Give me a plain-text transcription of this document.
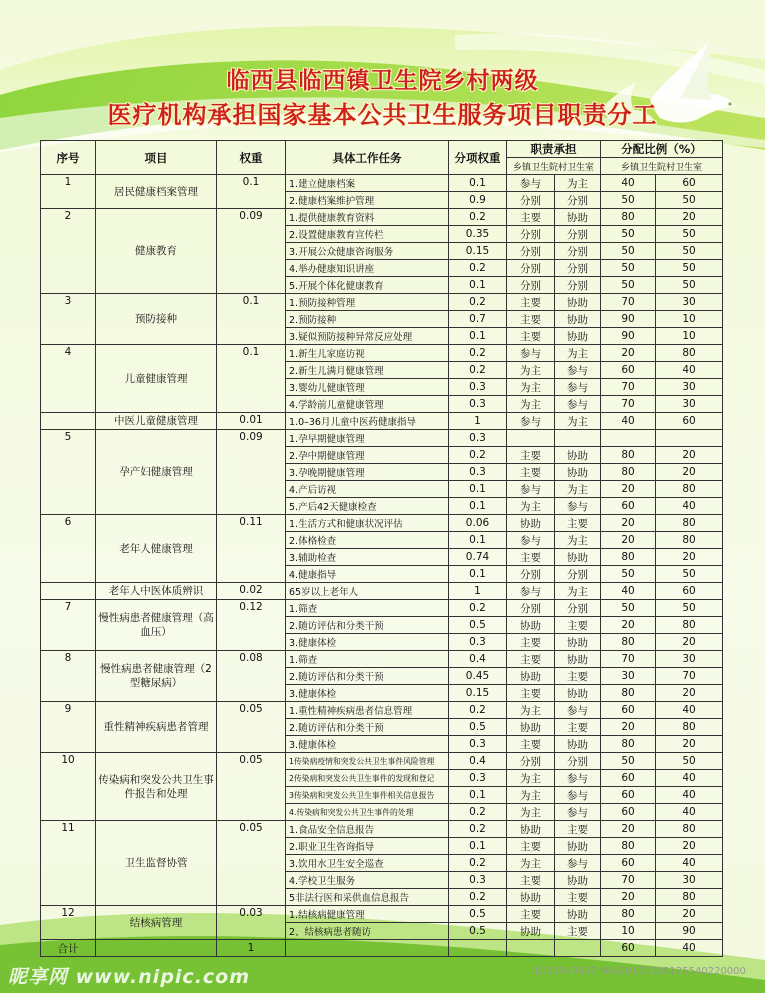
临西县临西镇卫生院乡村两级
医疗机构承担国家基本公共卫生服务项目职责分工
序号	项目	权重	具体工作任务	分项权重	职责承担		分配比例（%）	
					乡镇卫生院村卫生室		乡镇卫生院村卫生室	
1	居民健康档案管理	0.1	1.建立健康档案	0.1	参与	为主	40	60
			2.健康档案维护管理	0.9	分别	分别	50	50
2	健康教育	0.09	1.提供健康教育资料	0.2	主要	协助	80	20
			2.设置健康教育宣传栏	0.35	分别	分别	50	50
			3.开展公众健康咨询服务	0.15	分别	分别	50	50
			4.举办健康知识讲座	0.2	分别	分别	50	50
			5.开展个体化健康教育	0.1	分别	分别	50	50
3	预防接种	0.1	1.预防接种管理	0.2	主要	协助	70	30
			2.预防接种	0.7	主要	协助	90	10
			3.疑似预防接种异常反应处理	0.1	主要	协助	90	10
4	儿童健康管理	0.1	1.新生儿家庭访视	0.2	参与	为主	20	80
			2.新生儿满月健康管理	0.2	为主	参与	60	40
			3.婴幼儿健康管理	0.3	为主	参与	70	30
			4.学龄前儿童健康管理	0.3	为主	参与	70	30
	中医儿童健康管理	0.01	1.0–36月儿童中医药健康指导	1	参与	为主	40	60
5	孕产妇健康管理	0.09	1.孕早期健康管理	0.3				
			2.孕中期健康管理	0.2	主要	协助	80	20
			3.孕晚期健康管理	0.3	主要	协助	80	20
			4.产后访视	0.1	参与	为主	20	80
			5.产后42天健康检查	0.1	为主	参与	60	40
6	老年人健康管理	0.11	1.生活方式和健康状况评估	0.06	协助	主要	20	80
			2.体格检查	0.1	参与	为主	20	80
			3.辅助检查	0.74	主要	协助	80	20
			4.健康指导	0.1	分别	分别	50	50
	老年人中医体质辨识	0.02	65岁以上老年人	1	参与	为主	40	60
7	慢性病患者健康管理（高血压）	0.12	1.筛查	0.2	分别	分别	50	50
			2.随访评估和分类干预	0.5	协助	主要	20	80
			3.健康体检	0.3	主要	协助	80	20
8	慢性病患者健康管理（2型糖尿病）	0.08	1.筛查	0.4	主要	协助	70	30
			2.随访评估和分类干预	0.45	协助	主要	30	70
			3.健康体检	0.15	主要	协助	80	20
9	重性精神疾病患者管理	0.05	1.重性精神疾病患者信息管理	0.2	为主	参与	60	40
			2.随访评估和分类干预	0.5	协助	主要	20	80
			3.健康体检	0.3	主要	协助	80	20
10	传染病和突发公共卫生事件报告和处理	0.05	1传染病疫情和突发公共卫生事件风险管理	0.4	分别	分别	50	50
			2传染病和突发公共卫生事件的发现和登记	0.3	为主	参与	60	40
			3传染病和突发公共卫生事件相关信息报告	0.1	为主	参与	60	40
			4.传染病和突发公共卫生事件的处理	0.2	为主	参与	60	40
11	卫生监督协管	0.05	1.食品安全信息报告	0.2	协助	主要	20	80
			2.职业卫生咨询指导	0.1	主要	协助	80	20
			3.饮用水卫生安全巡查	0.2	为主	参与	60	40
			4.学校卫生服务	0.3	主要	协助	70	30
			5非法行医和采供血信息报告	0.2	协助	主要	20	80
12	结核病管理	0.03	1.结核病健康管理	0.5	主要	协助	80	20
			2、结核病患者随访	0.5	协助	主要	10	90
合计		1					60	40
昵享网 www.nipic.com	ID:23943593 NO:20170305125540220000
